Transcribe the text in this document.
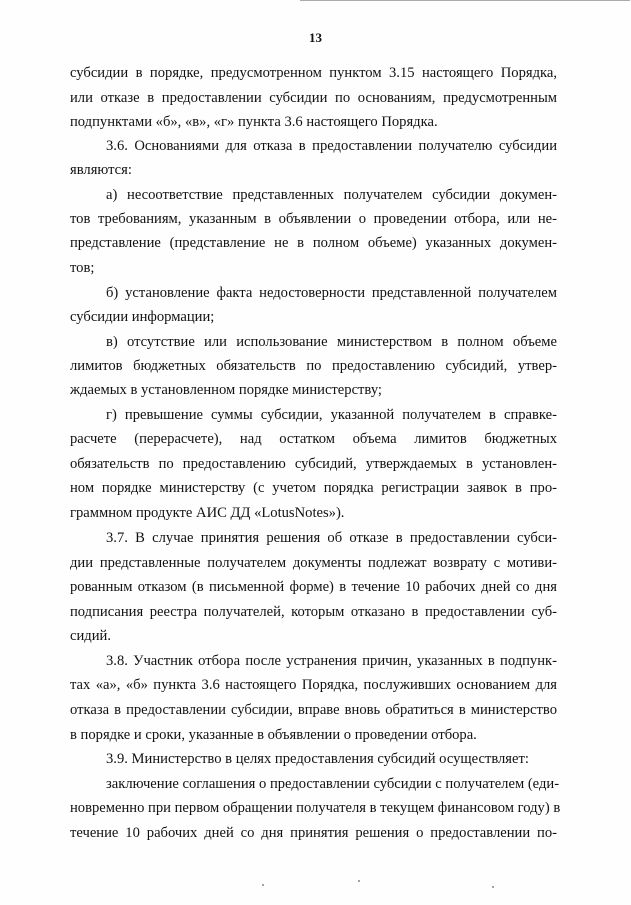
13
субсидии в порядке, предусмотренном пунктом 3.15 настоящего Порядка,
или отказе в предоставлении субсидии по основаниям, предусмотренным
подпунктами «б», «в», «г» пункта 3.6 настоящего Порядка.
3.6. Основаниями для отказа в предоставлении получателю субсидии
являются:
а) несоответствие представленных получателем субсидии докумен-
тов требованиям, указанным в объявлении о проведении отбора, или не-
представление (представление не в полном объеме) указанных докумен-
тов;
б) установление факта недостоверности представленной получателем
субсидии информации;
в) отсутствие или использование министерством в полном объеме
лимитов бюджетных обязательств по предоставлению субсидий, утвер-
ждаемых в установленном порядке министерству;
г) превышение суммы субсидии, указанной получателем в справке-
расчете (перерасчете), над остатком объема лимитов бюджетных
обязательств по предоставлению субсидий, утверждаемых в установлен-
ном порядке министерству (с учетом порядка регистрации заявок в про-
граммном продукте АИС ДД «LotusNotes»).
3.7. В случае принятия решения об отказе в предоставлении субси-
дии представленные получателем документы подлежат возврату с мотиви-
рованным отказом (в письменной форме) в течение 10 рабочих дней со дня
подписания реестра получателей, которым отказано в предоставлении суб-
сидий.
3.8. Участник отбора после устранения причин, указанных в подпунк-
тах «а», «б» пункта 3.6 настоящего Порядка, послуживших основанием для
отказа в предоставлении субсидии, вправе вновь обратиться в министерство
в порядке и сроки, указанные в объявлении о проведении отбора.
3.9. Министерство в целях предоставления субсидий осуществляет:
заключение соглашения о предоставлении субсидии с получателем (еди-
новременно при первом обращении получателя в текущем финансовом году) в
течение 10 рабочих дней со дня принятия решения о предоставлении по-
